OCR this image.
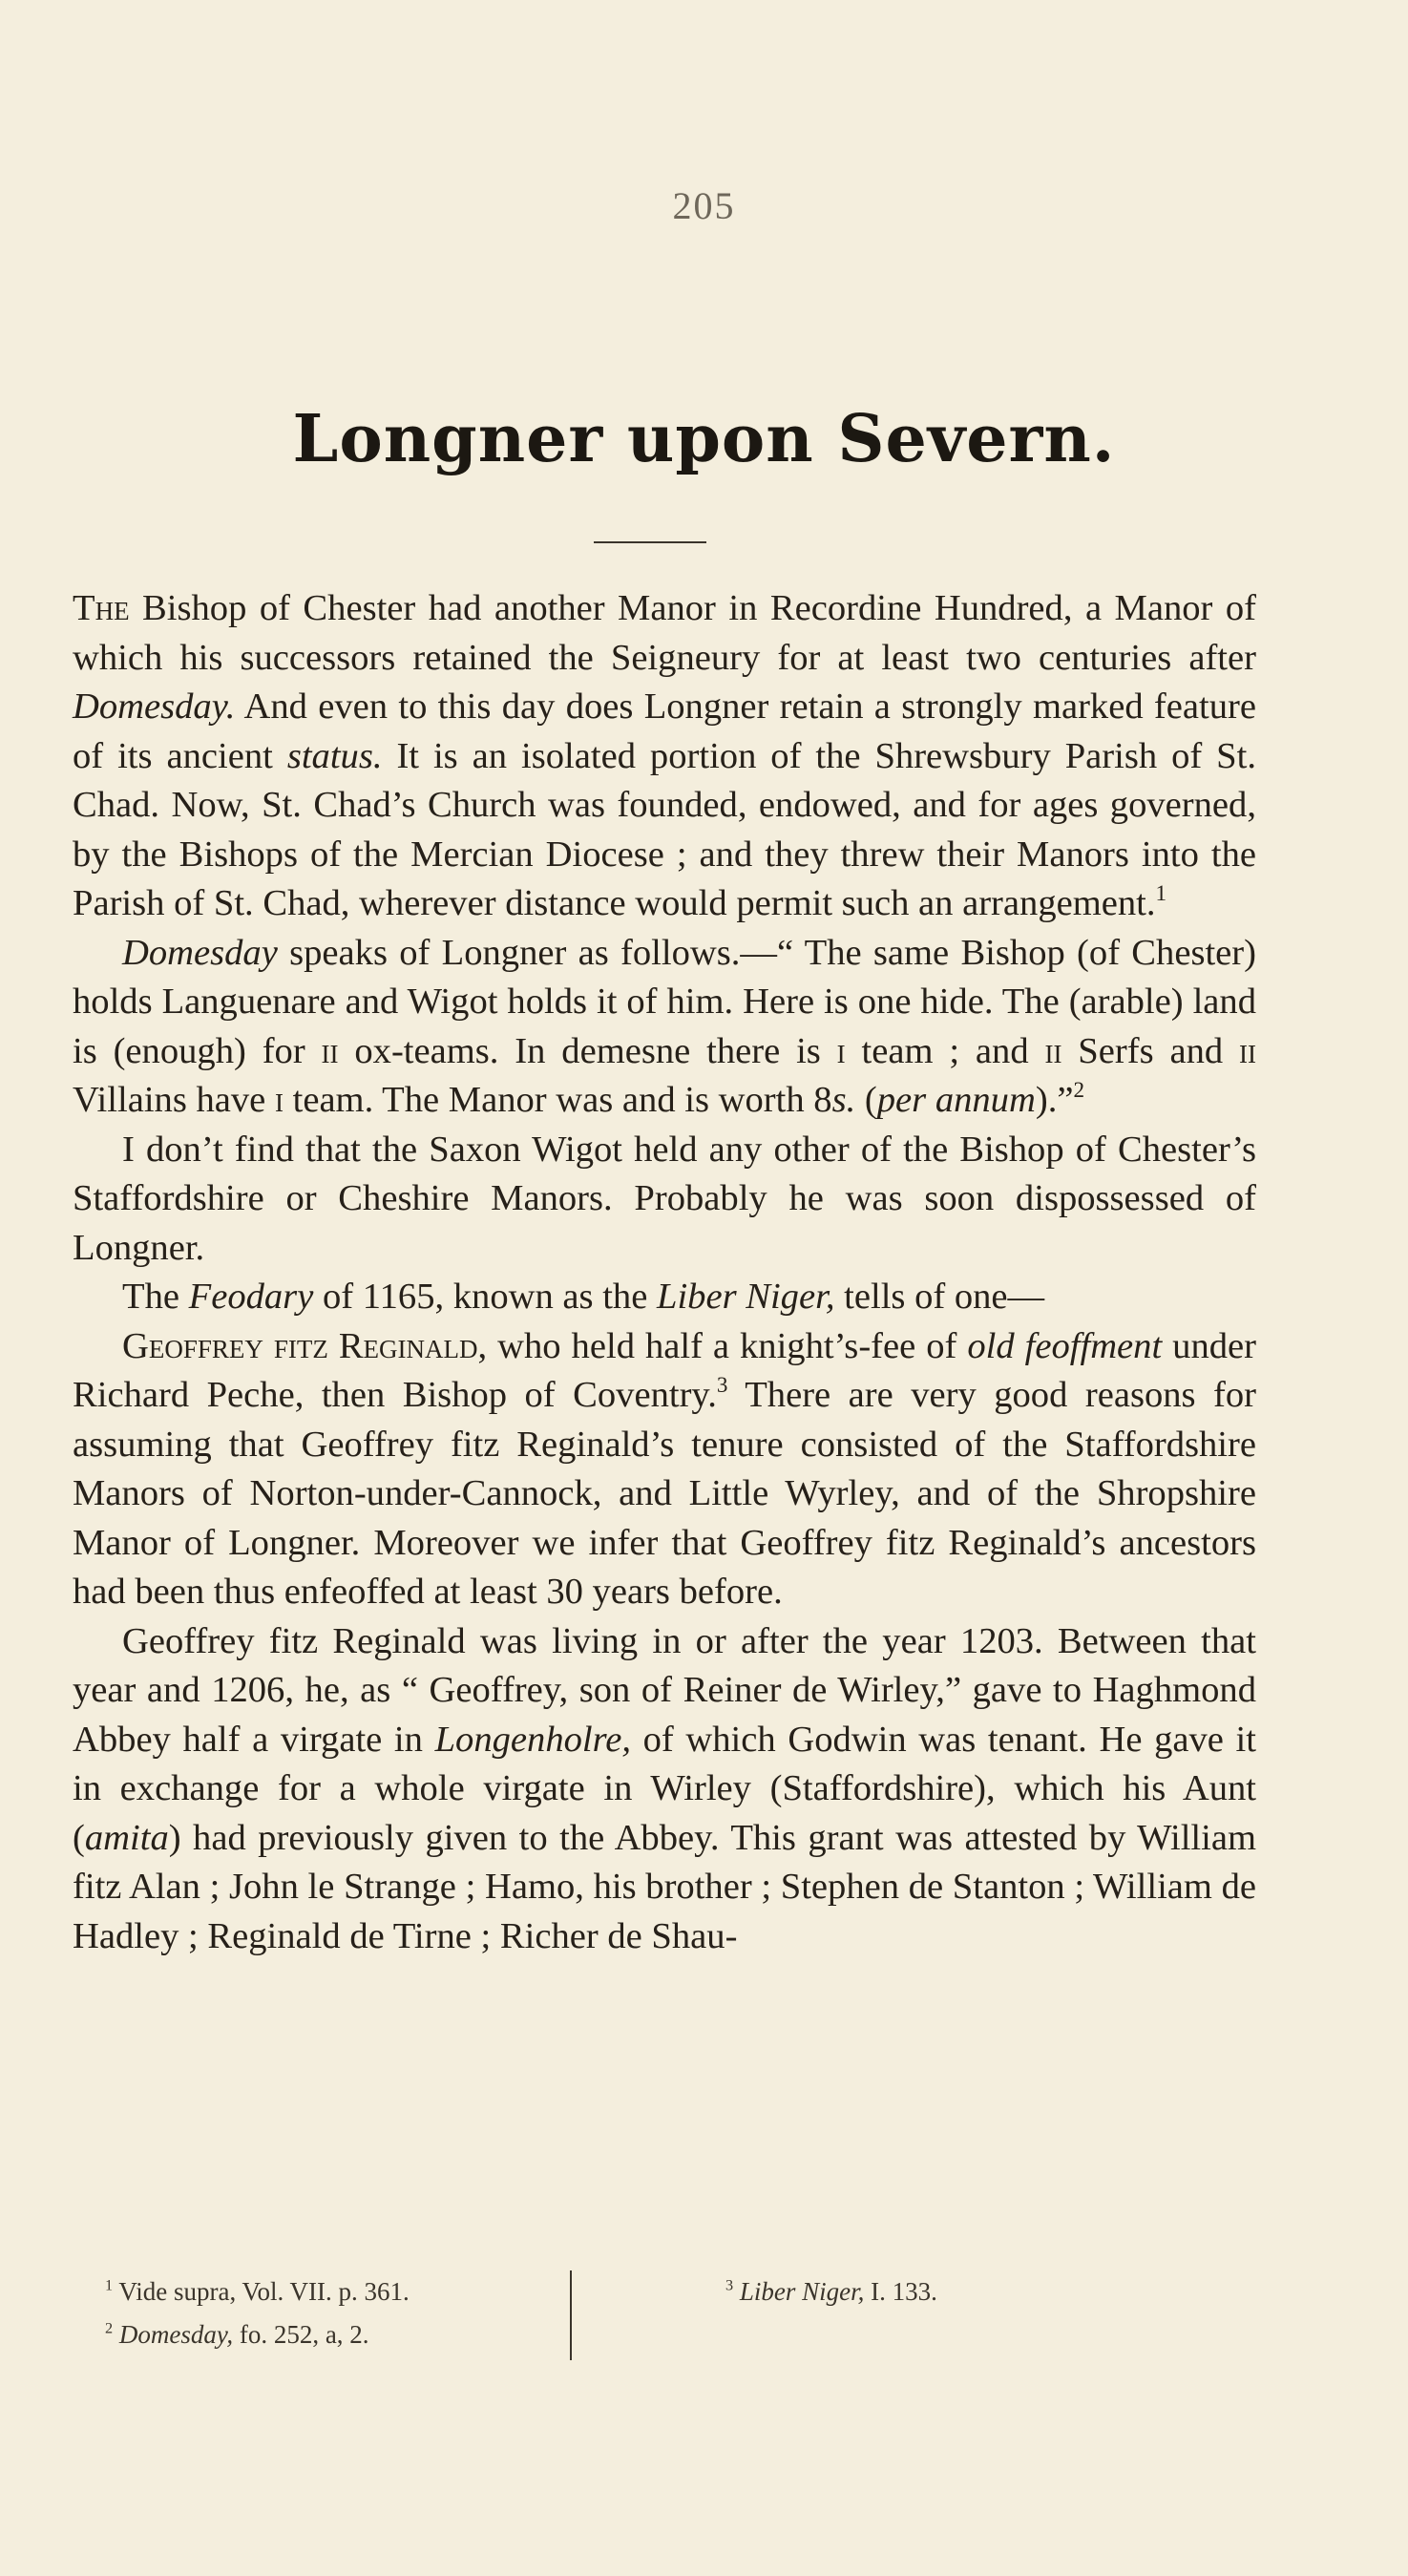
205
Longner upon Severn.

The Bishop of Chester had another Manor in Recordine Hundred, a Manor of which his successors retained the Seigneury for at least two centuries after Domesday. And even to this day does Longner retain a strongly marked feature of its ancient status. It is an isolated portion of the Shrewsbury Parish of St. Chad. Now, St. Chad’s Church was founded, endowed, and for ages governed, by the Bishops of the Mercian Diocese ; and they threw their Manors into the Parish of St. Chad, wherever distance would permit such an arrangement.$^1$

Domesday speaks of Longner as follows.—“ The same Bishop (of Chester) holds Languenare and Wigot holds it of him. Here is one hide. The (arable) land is (enough) for ii ox-teams. In demesne there is i team ; and ii Serfs and ii Villains have i team. The Manor was and is worth 8s. (per annum).”$^2$

I don’t find that the Saxon Wigot held any other of the Bishop of Chester’s Staffordshire or Cheshire Manors. Probably he was soon dispossessed of Longner.

The Feodary of 1165, known as the Liber Niger, tells of one—

Geoffrey fitz Reginald, who held half a knight’s-fee of old feoffment under Richard Peche, then Bishop of Coventry.$^3$ There are very good reasons for assuming that Geoffrey fitz Reginald’s tenure consisted of the Staffordshire Manors of Norton-under-Cannock, and Little Wyrley, and of the Shropshire Manor of Longner. Moreover we infer that Geoffrey fitz Reginald’s ancestors had been thus enfeoffed at least 30 years before.

Geoffrey fitz Reginald was living in or after the year 1203. Between that year and 1206, he, as “ Geoffrey, son of Reiner de Wirley,” gave to Haghmond Abbey half a virgate in Longenholre, of which Godwin was tenant. He gave it in exchange for a whole virgate in Wirley (Staffordshire), which his Aunt (amita) had previously given to the Abbey. This grant was attested by William fitz Alan ; John le Strange ; Hamo, his brother ; Stephen de Stanton ; William de Hadley ; Reginald de Tirne ; Richer de Shau-

$^1$ Vide supra, Vol. VII. p. 361.
$^2$ Domesday, fo. 252, a, 2.
$^3$ Liber Niger, I. 133.
